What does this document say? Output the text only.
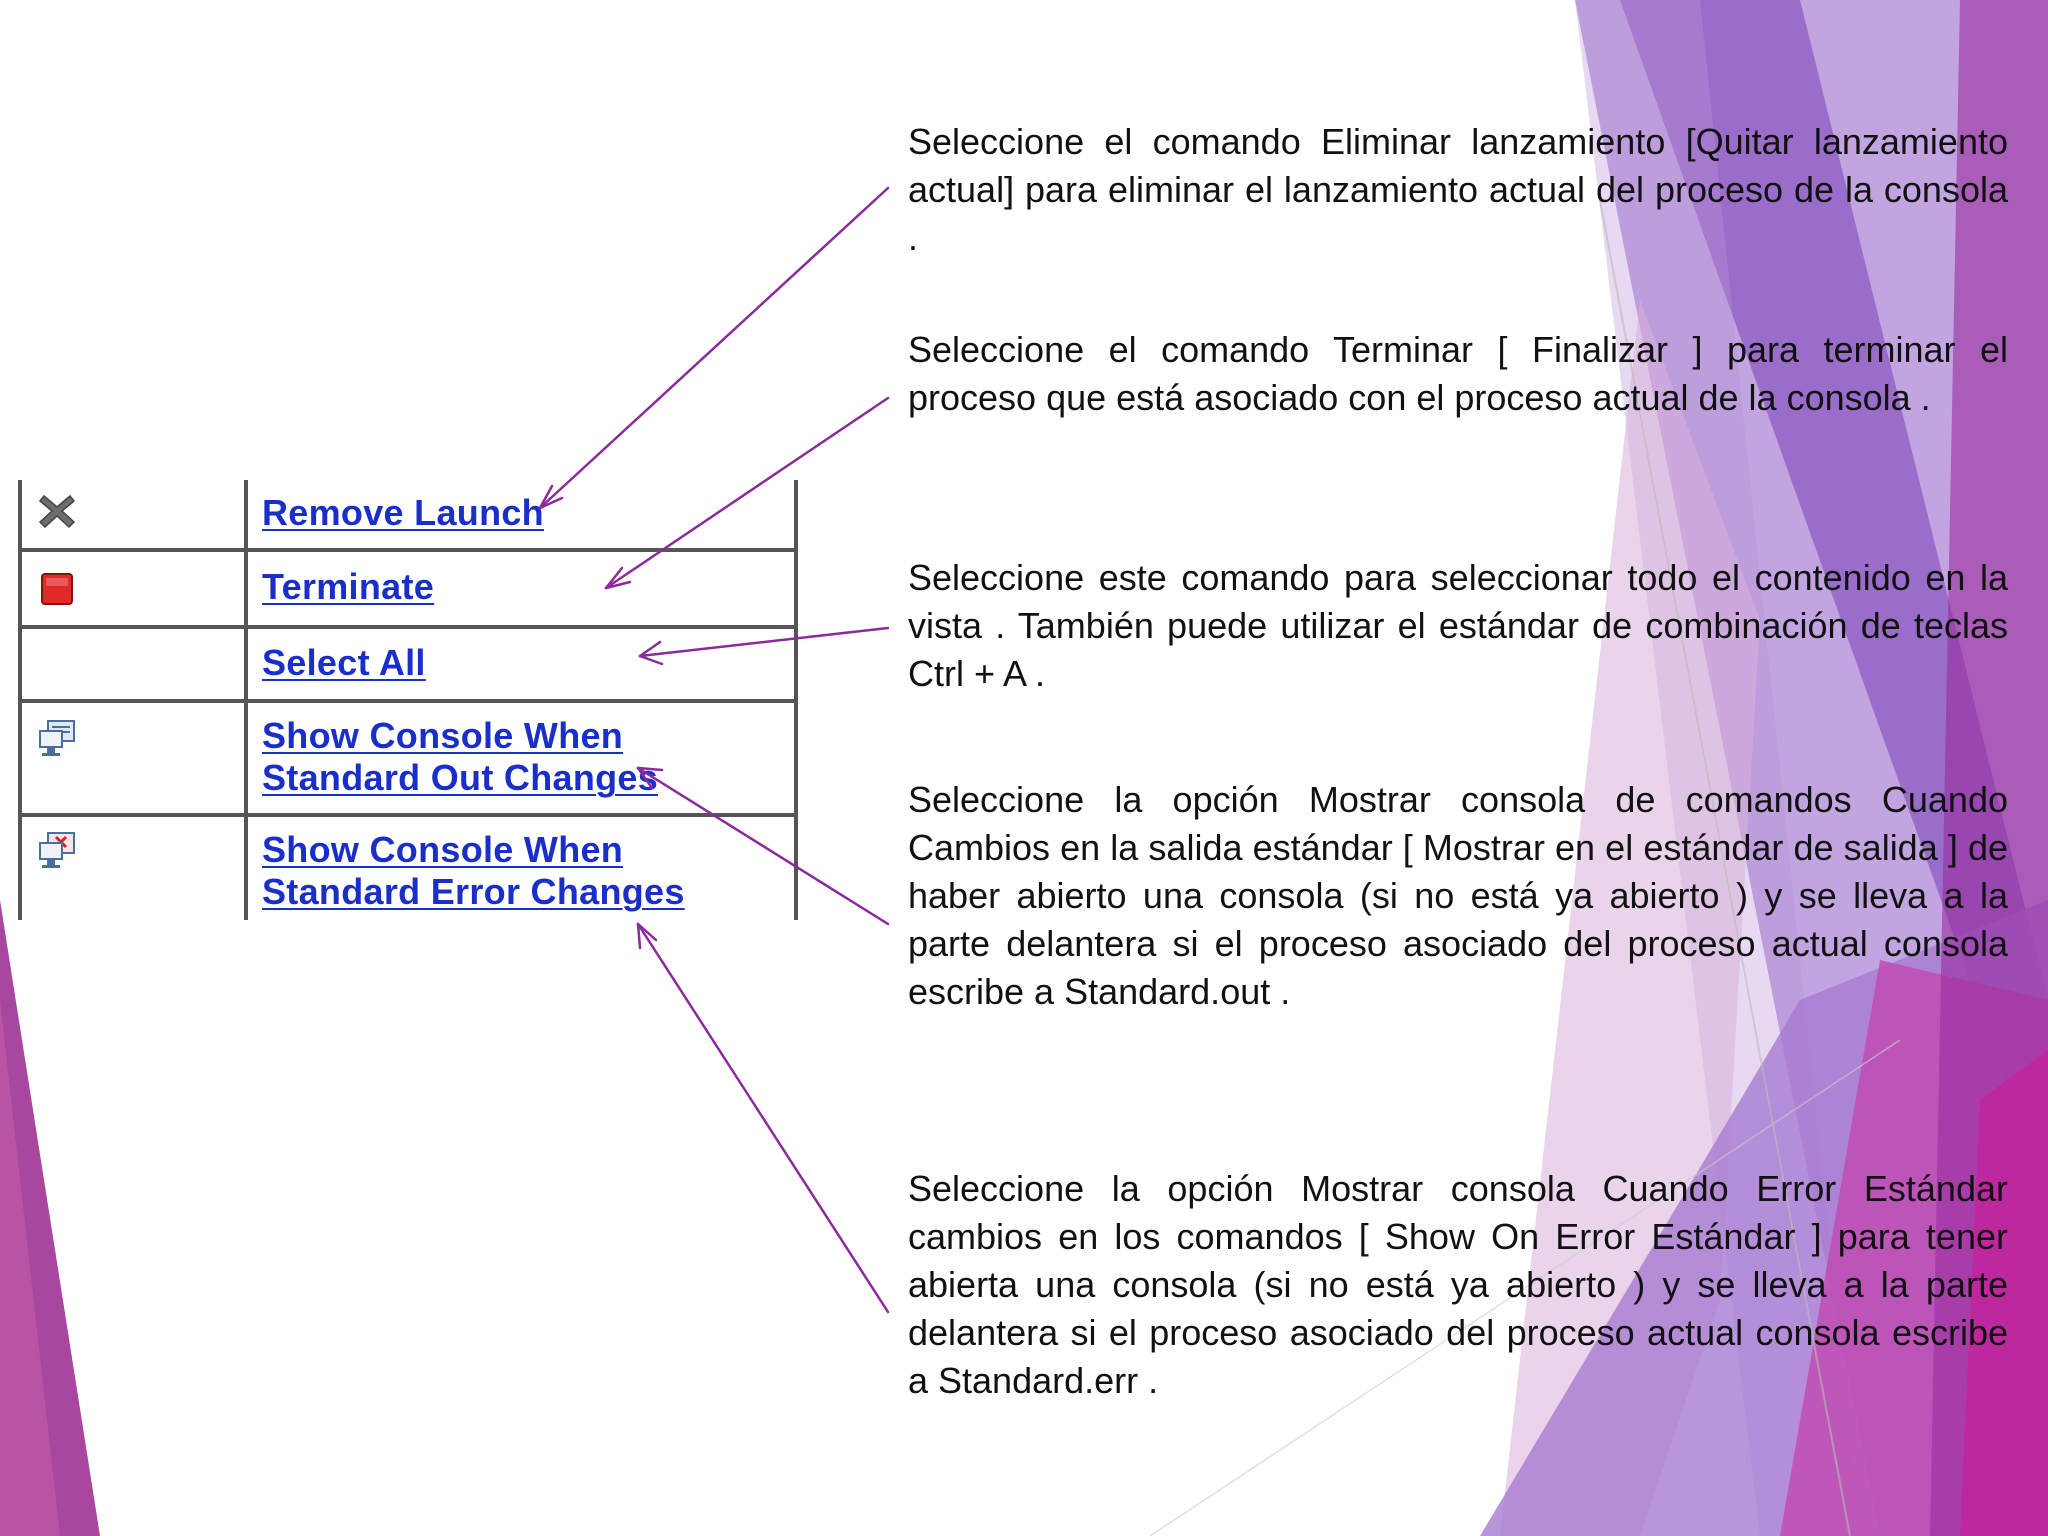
Remove Launch
Terminate
Select All
Show Console When Standard Out Changes
Show Console When Standard Error Changes

Seleccione el comando Eliminar lanzamiento [Quitar lanzamiento actual] para eliminar el lanzamiento actual del proceso de la consola .

Seleccione el comando Terminar [ Finalizar ] para terminar el proceso que está asociado con el proceso actual de la consola .

Seleccione este comando para seleccionar todo el contenido en la vista . También puede utilizar el estándar de combinación de teclas Ctrl + A .

Seleccione la opción Mostrar consola de comandos Cuando Cambios en la salida estándar [ Mostrar en el estándar de salida ] de haber abierto una consola (si no está ya abierto ) y se lleva a la parte delantera si el proceso asociado del proceso actual consola escribe a Standard.out .

Seleccione la opción Mostrar consola Cuando Error Estándar cambios en los comandos [ Show On Error Estándar ] para tener abierta una consola (si no está ya abierto ) y se lleva a la parte delantera si el proceso asociado del proceso actual consola escribe a Standard.err .
